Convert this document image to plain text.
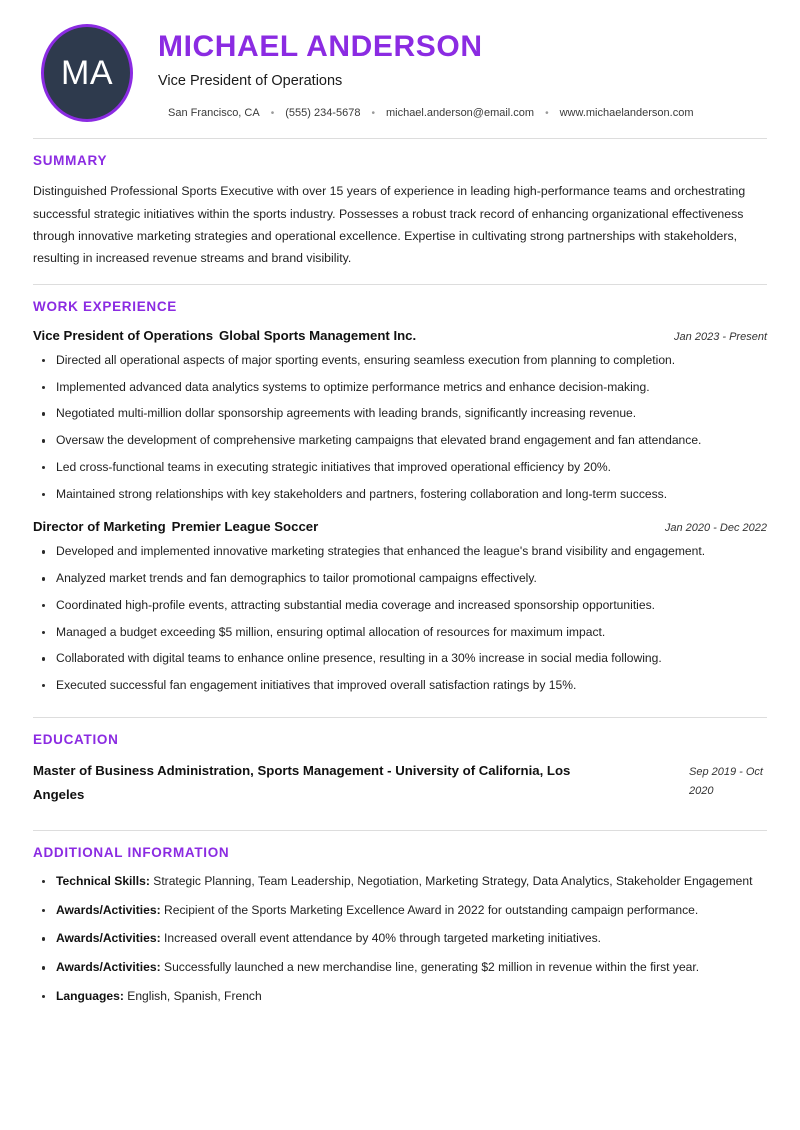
MA
MICHAEL ANDERSON
Vice President of Operations
San Francisco, CA	•	(555) 234-5678	•	michael.anderson@email.com	•	www.michaelanderson.com
SUMMARY

Distinguished Professional Sports Executive with over 15 years of experience in leading high-performance teams and orchestrating successful strategic initiatives within the sports industry. Possesses a robust track record of enhancing organizational effectiveness through innovative marketing strategies and operational excellence. Expertise in cultivating strong partnerships with stakeholders, resulting in increased revenue streams and brand visibility.

WORK EXPERIENCE
Vice President of Operations Global Sports Management Inc.	Jan 2023 - Present
Directed all operational aspects of major sporting events, ensuring seamless execution from planning to completion.
Implemented advanced data analytics systems to optimize performance metrics and enhance decision-making.
Negotiated multi-million dollar sponsorship agreements with leading brands, significantly increasing revenue.
Oversaw the development of comprehensive marketing campaigns that elevated brand engagement and fan attendance.
Led cross-functional teams in executing strategic initiatives that improved operational efficiency by 20%.
Maintained strong relationships with key stakeholders and partners, fostering collaboration and long-term success.
Director of Marketing Premier League Soccer	Jan 2020 - Dec 2022
Developed and implemented innovative marketing strategies that enhanced the league's brand visibility and engagement.
Analyzed market trends and fan demographics to tailor promotional campaigns effectively.
Coordinated high-profile events, attracting substantial media coverage and increased sponsorship opportunities.
Managed a budget exceeding $5 million, ensuring optimal allocation of resources for maximum impact.
Collaborated with digital teams to enhance online presence, resulting in a 30% increase in social media following.
Executed successful fan engagement initiatives that improved overall satisfaction ratings by 15%.
EDUCATION
Master of Business Administration, Sports Management - University of California, Los Angeles
Sep 2019 - Oct 2020
ADDITIONAL INFORMATION
Technical Skills: Strategic Planning, Team Leadership, Negotiation, Marketing Strategy, Data Analytics, Stakeholder Engagement
Awards/Activities: Recipient of the Sports Marketing Excellence Award in 2022 for outstanding campaign performance.
Awards/Activities: Increased overall event attendance by 40% through targeted marketing initiatives.
Awards/Activities: Successfully launched a new merchandise line, generating $2 million in revenue within the first year.
Languages: English, Spanish, French
